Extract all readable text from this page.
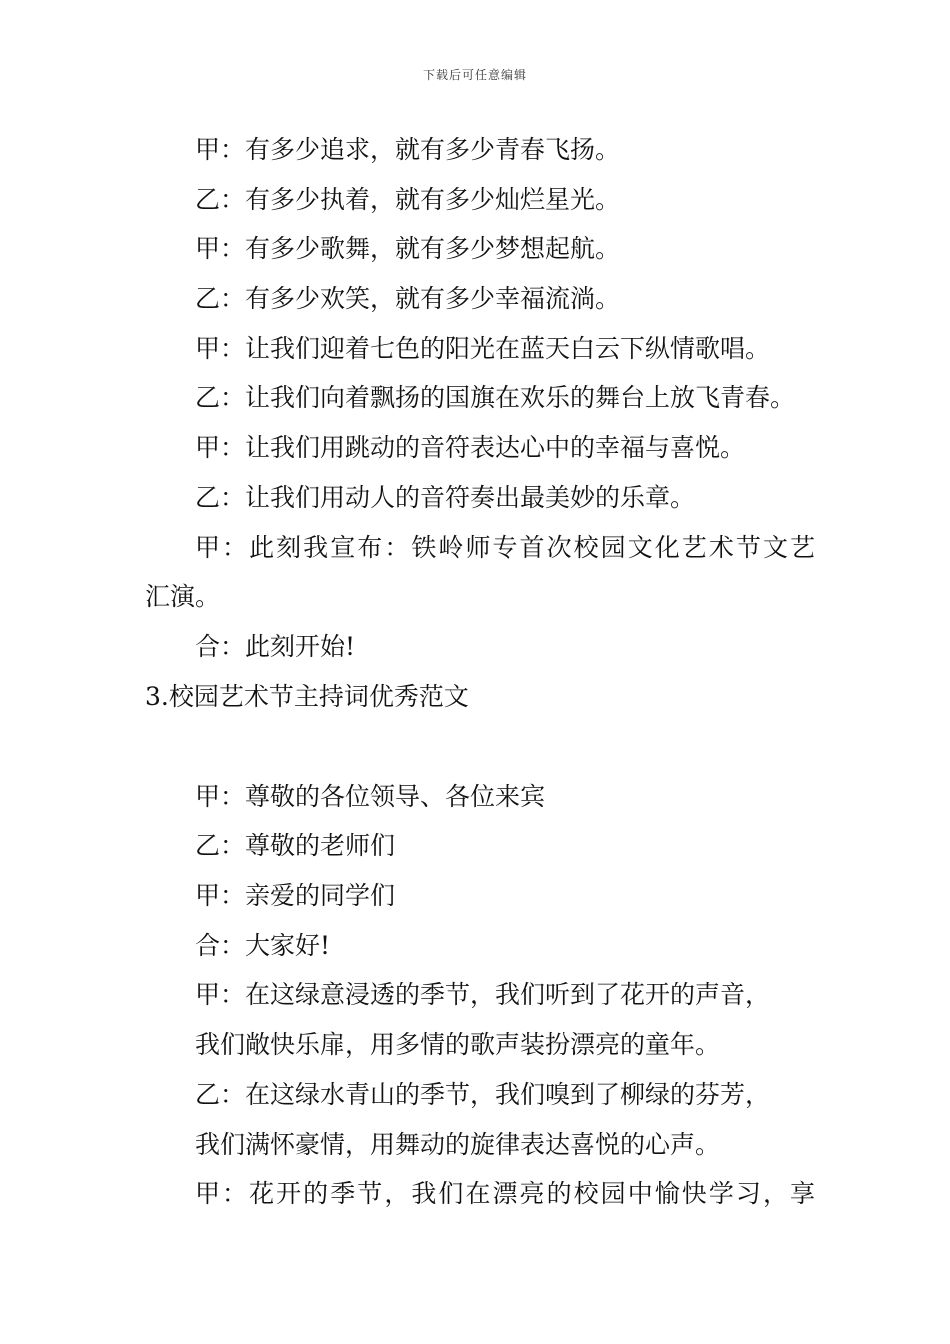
下载后可任意编辑
甲：有多少追求，就有多少青春飞扬。
乙：有多少执着，就有多少灿烂星光。
甲：有多少歌舞，就有多少梦想起航。
乙：有多少欢笑，就有多少幸福流淌。
甲：让我们迎着七色的阳光在蓝天白云下纵情歌唱。
乙：让我们向着飘扬的国旗在欢乐的舞台上放飞青春。
甲：让我们用跳动的音符表达心中的幸福与喜悦。
乙：让我们用动人的音符奏出最美妙的乐章。
甲：此刻我宣布：铁岭师专首次校园文化艺术节文艺
汇演。
合：此刻开始!
3.校园艺术节主持词优秀范文
甲：尊敬的各位领导、各位来宾
乙：尊敬的老师们
甲：亲爱的同学们
合：大家好!
甲：在这绿意浸透的季节，我们听到了花开的声音，
我们敞快乐扉，用多情的歌声装扮漂亮的童年。
乙：在这绿水青山的季节，我们嗅到了柳绿的芬芳，
我们满怀豪情，用舞动的旋律表达喜悦的心声。
甲：花开的季节，我们在漂亮的校园中愉快学习，享
